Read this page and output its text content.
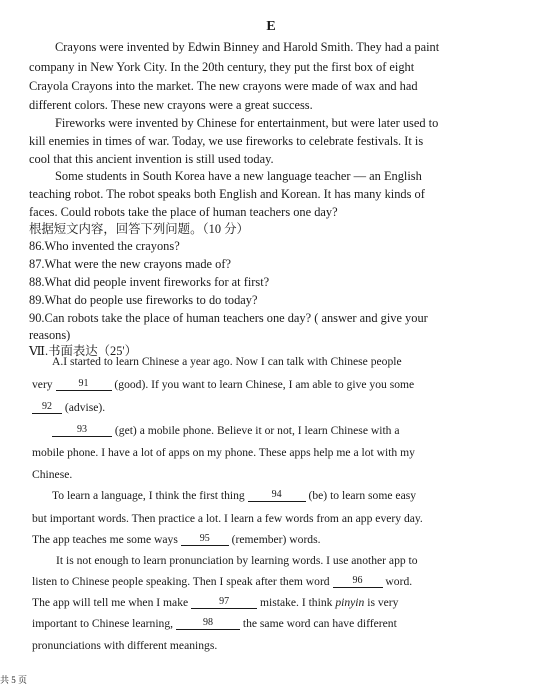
E
Crayons were invented by Edwin Binney and Harold Smith. They had a paint
company in New York City. In the 20th century, they put the first box of eight
Crayola Crayons into the market. The new crayons were made of wax and had
different colors. These new crayons were a great success.
Fireworks were invented by Chinese for entertainment, but were later used to
kill enemies in times of war. Today, we use fireworks to celebrate festivals. It is
cool that this ancient invention is still used today.
Some students in South Korea have a new language teacher — an English
teaching robot. The robot speaks both English and Korean. It has many kinds of
faces. Could robots take the place of human teachers one day?
根据短文内容，回答下列问题。（10 分）
86.Who invented the crayons?
87.What were the new crayons made of?
88.What did people invent fireworks for at first?
89.What do people use fireworks to do today?
90.Can robots take the place of human teachers one day? ( answer and give your
reasons)
Ⅶ.书面表达（25'）
A.I started to learn Chinese a year ago. Now I can talk with Chinese people
very	91 (good). If you want to learn Chinese, I am able to give you some
92 (advise).
93 (get) a mobile phone. Believe it or not, I learn Chinese with a
mobile phone. I have a lot of apps on my phone. These apps help me a lot with my
Chinese.
To learn a language, I think the first thing	94 (be) to learn some easy
but important words. Then practice a lot. I learn a few words from an app every day.
The app teaches me some ways 95 (remember) words.
It is not enough to learn pronunciation by learning words. I use another app to
listen to Chinese people speaking. Then I speak after them word 96 word.
The app will tell me when I make	97	mistake. I think pinyin is very
important to Chinese learning,	98	the same word can have different
pronunciations with different meanings.
共 5 页
